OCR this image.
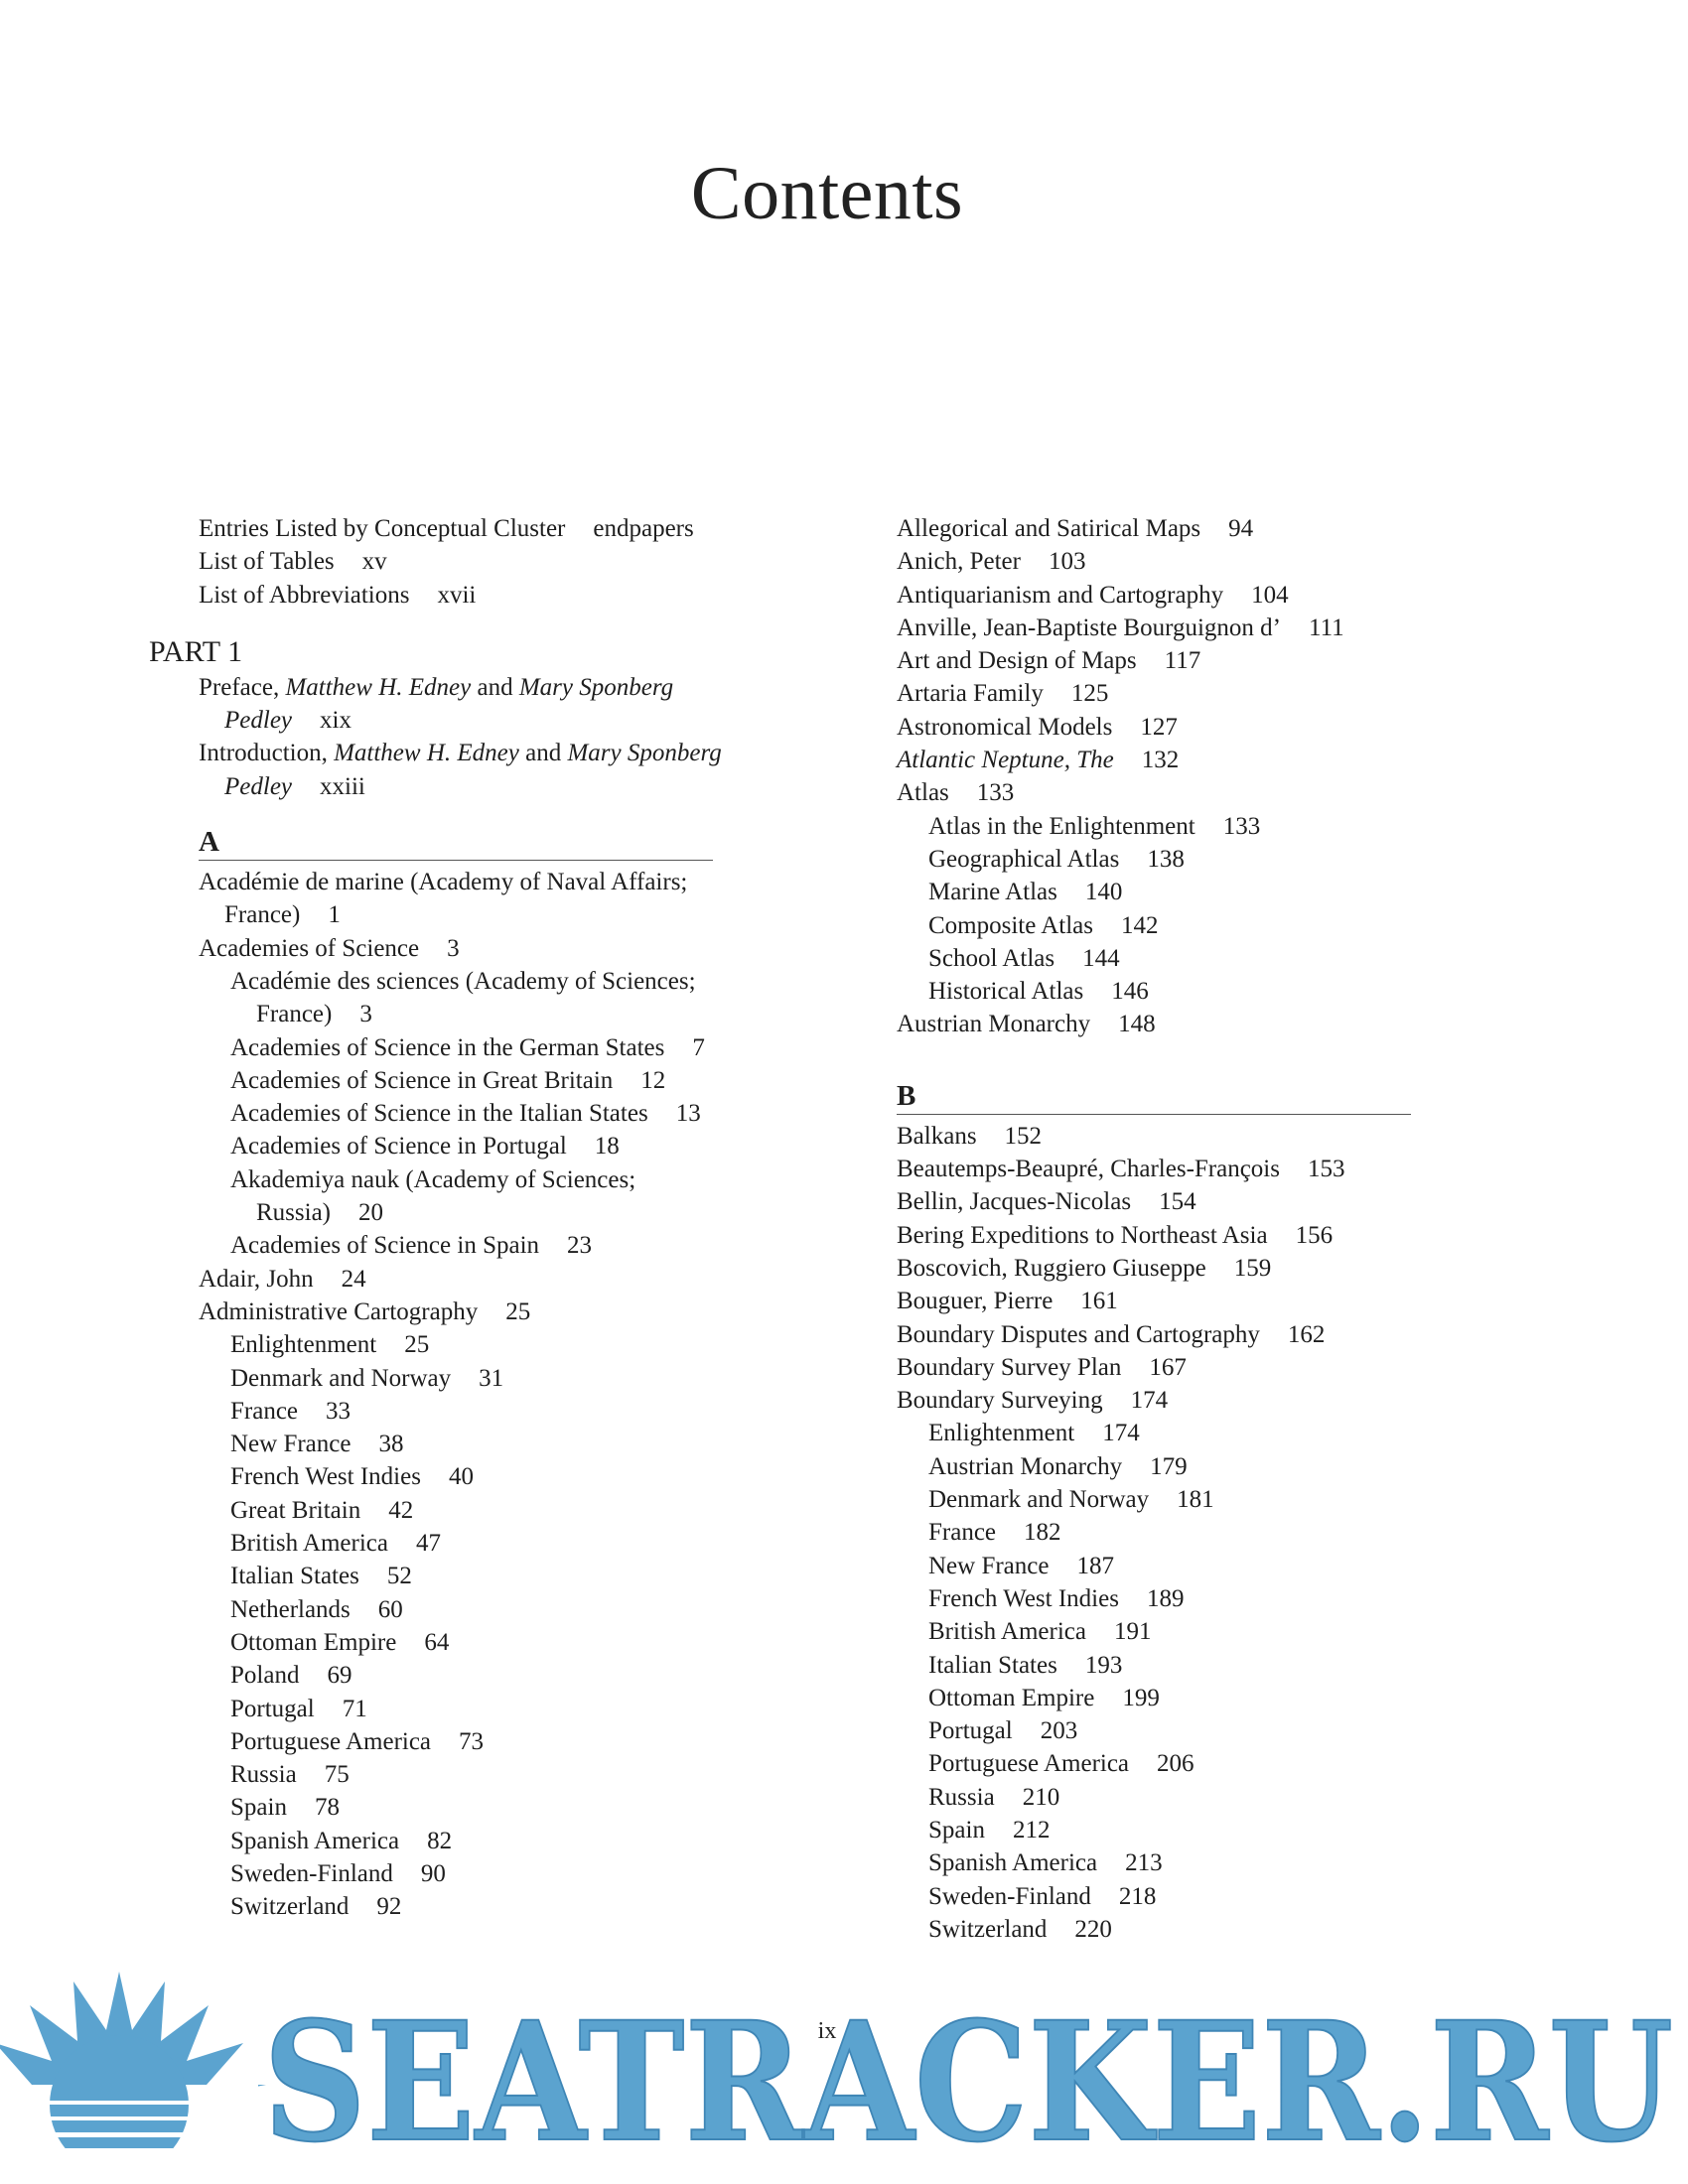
Contents
Entries Listed by Conceptual Cluster endpapers
List of Tables xv
List of Abbreviations xvii
PART 1
Preface, Matthew H. Edney and Mary Sponberg Pedley xix
Introduction, Matthew H. Edney and Mary Sponberg Pedley xxiii
A
Académie de marine (Academy of Naval Affairs; France) 1
Academies of Science 3
Académie des sciences (Academy of Sciences; France) 3
Academies of Science in the German States 7
Academies of Science in Great Britain 12
Academies of Science in the Italian States 13
Academies of Science in Portugal 18
Akademiya nauk (Academy of Sciences; Russia) 20
Academies of Science in Spain 23
Adair, John 24
Administrative Cartography 25
Enlightenment 25
Denmark and Norway 31
France 33
New France 38
French West Indies 40
Great Britain 42
British America 47
Italian States 52
Netherlands 60
Ottoman Empire 64
Poland 69
Portugal 71
Portuguese America 73
Russia 75
Spain 78
Spanish America 82
Sweden-Finland 90
Switzerland 92
Allegorical and Satirical Maps 94
Anich, Peter 103
Antiquarianism and Cartography 104
Anville, Jean-Baptiste Bourguignon d’ 111
Art and Design of Maps 117
Artaria Family 125
Astronomical Models 127
Atlantic Neptune, The 132
Atlas 133
Atlas in the Enlightenment 133
Geographical Atlas 138
Marine Atlas 140
Composite Atlas 142
School Atlas 144
Historical Atlas 146
Austrian Monarchy 148
B
Balkans 152
Beautemps-Beaupré, Charles-François 153
Bellin, Jacques-Nicolas 154
Bering Expeditions to Northeast Asia 156
Boscovich, Ruggiero Giuseppe 159
Bouguer, Pierre 161
Boundary Disputes and Cartography 162
Boundary Survey Plan 167
Boundary Surveying 174
Enlightenment 174
Austrian Monarchy 179
Denmark and Norway 181
France 182
New France 187
French West Indies 189
British America 191
Italian States 193
Ottoman Empire 199
Portugal 203
Portuguese America 206
Russia 210
Spain 212
Spanish America 213
Sweden-Finland 218
Switzerland 220
ix
SEATRACKER.RU
